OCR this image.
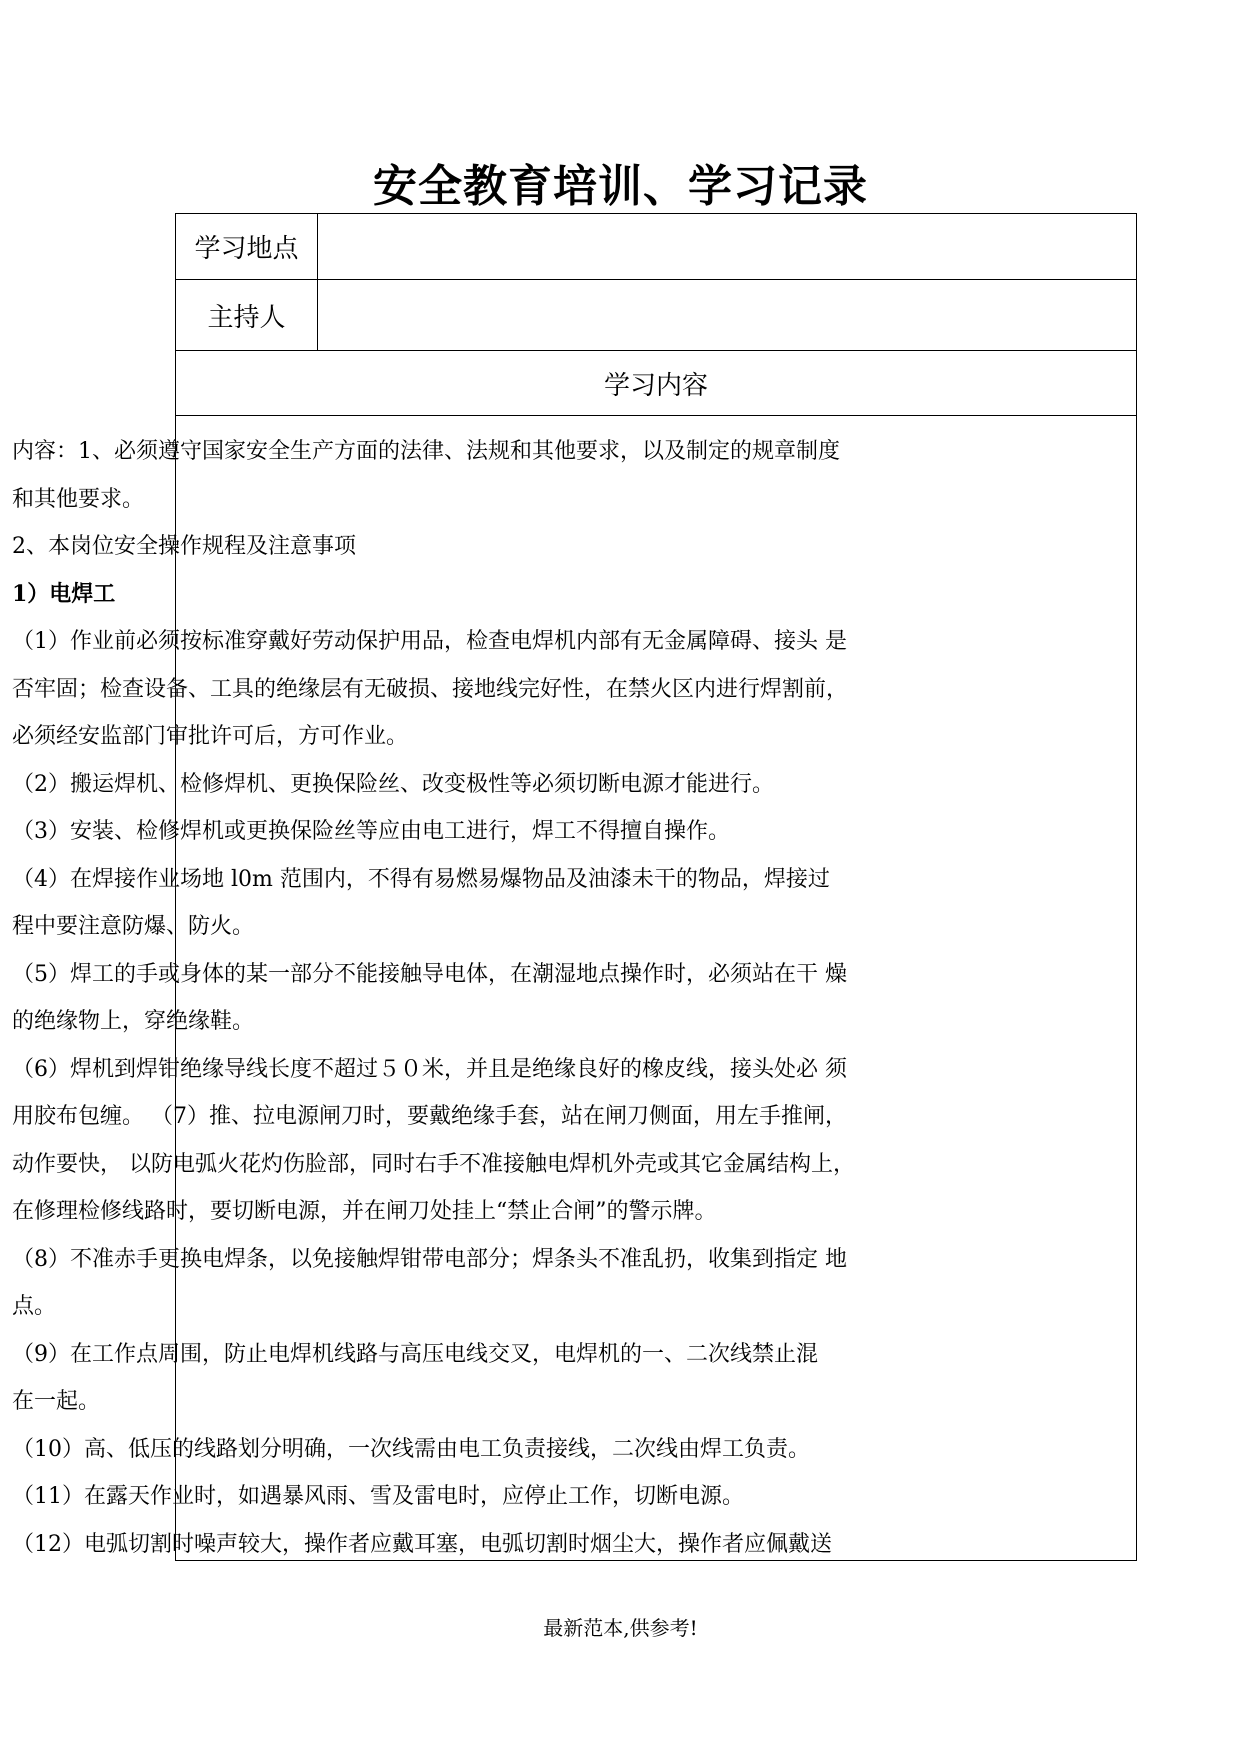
安全教育培训、学习记录
学习地点
主持人
学习内容
内容：1、必须遵守国家安全生产方面的法律、法规和其他要求，以及制定的规章制度
和其他要求。
2、本岗位安全操作规程及注意事项
1）电焊工
（1）作业前必须按标准穿戴好劳动保护用品，检查电焊机内部有无金属障碍、接头 是
否牢固；检查设备、工具的绝缘层有无破损、接地线完好性，在禁火区内进行焊割前，
必须经安监部门审批许可后，方可作业。
（2）搬运焊机、检修焊机、更换保险丝、改变极性等必须切断电源才能进行。
（3）安装、检修焊机或更换保险丝等应由电工进行，焊工不得擅自操作。
（4）在焊接作业场地 l0m 范围内，不得有易燃易爆物品及油漆未干的物品，焊接过
程中要注意防爆、防火。
（5）焊工的手或身体的某一部分不能接触导电体，在潮湿地点操作时，必须站在干 燥
的绝缘物上，穿绝缘鞋。
（6）焊机到焊钳绝缘导线长度不超过５０米，并且是绝缘良好的橡皮线，接头处必 须
用胶布包缠。 （7）推、拉电源闸刀时，要戴绝缘手套，站在闸刀侧面，用左手推闸，
动作要快， 以防电弧火花灼伤脸部，同时右手不准接触电焊机外壳或其它金属结构上，
在修理检修线路时，要切断电源，并在闸刀处挂上“禁止合闸”的警示牌。
（8）不准赤手更换电焊条，以免接触焊钳带电部分；焊条头不准乱扔，收集到指定 地
点。
（9）在工作点周围，防止电焊机线路与高压电线交叉，电焊机的一、二次线禁止混
在一起。
（10）高、低压的线路划分明确，一次线需由电工负责接线，二次线由焊工负责。
（11）在露天作业时，如遇暴风雨、雪及雷电时，应停止工作，切断电源。
（12）电弧切割时噪声较大，操作者应戴耳塞，电弧切割时烟尘大，操作者应佩戴送
最新范本,供参考!
